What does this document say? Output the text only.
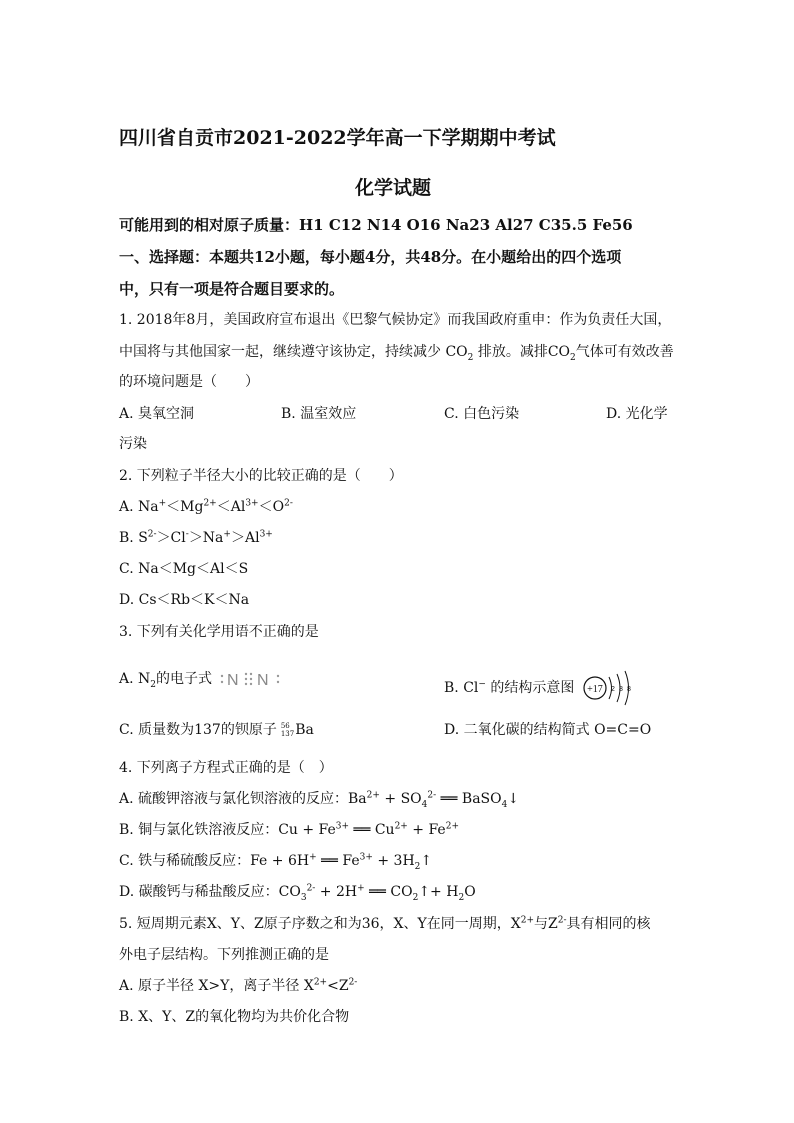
四川省自贡市2021-2022学年高一下学期期中考试
化学试题
可能用到的相对原子质量：H1 C12 N14 O16 Na23 Al27 C35.5 Fe56
一、选择题：本题共12小题，每小题4分，共48分。在小题给出的四个选项
中，只有一项是符合题目要求的。
1. 2018年8月，美国政府宣布退出《巴黎气候协定》而我国政府重申：作为负责任大国，
中国将与其他国家一起，继续遵守该协定，持续减少 $CO_2$ 排放。减排$CO_2$气体可有效改善
的环境问题是（　　）
A. 臭氧空洞	B. 温室效应	C. 白色污染	D. 光化学
污染
2. 下列粒子半径大小的比较正确的是（　　）
A. $Na^+<Mg^{2+}<Al^{3+}<O^{2-}$
B. $S^{2-}>Cl^->Na^+>Al^{3+}$
C. Na＜Mg＜Al＜S
D. Cs＜Rb＜K＜Na
3. 下列有关化学用语不正确的是
A. $N_2$的电子式 N N	B. Cl− 的结构示意图 +17 2 8 8
C. 质量数为137的钡原子 56
137 Ba	D. 二氧化碳的结构简式 O=C=O
4. 下列离子方程式正确的是（　）
A. 硫酸钾溶液与氯化钡溶液的反应：$Ba^{2+} + SO_4^{2-}$ ══ BaSO$_4$↓
B. 铜与氯化铁溶液反应：$Cu + Fe^{3+}$ ══ $Cu^{2+} + Fe^{2+}$
C. 铁与稀硫酸反应：Fe + 6H+ ══ $Fe^{3+}$ + $3H_2↑$
D. 碳酸钙与稀盐酸反应：$CO_3^{2-} + 2H^+$ ══ $CO_2↑+ H_2O$
5. 短周期元素X、Y、Z原子序数之和为36，X、Y在同一周期，$X^{2+}$与$Z^{2-}$具有相同的核
外电子层结构。下列推测正确的是
A. 原子半径 X>Y，离子半径 $X^{2+}<Z^{2-}$
B. X、Y、Z的氧化物均为共价化合物
